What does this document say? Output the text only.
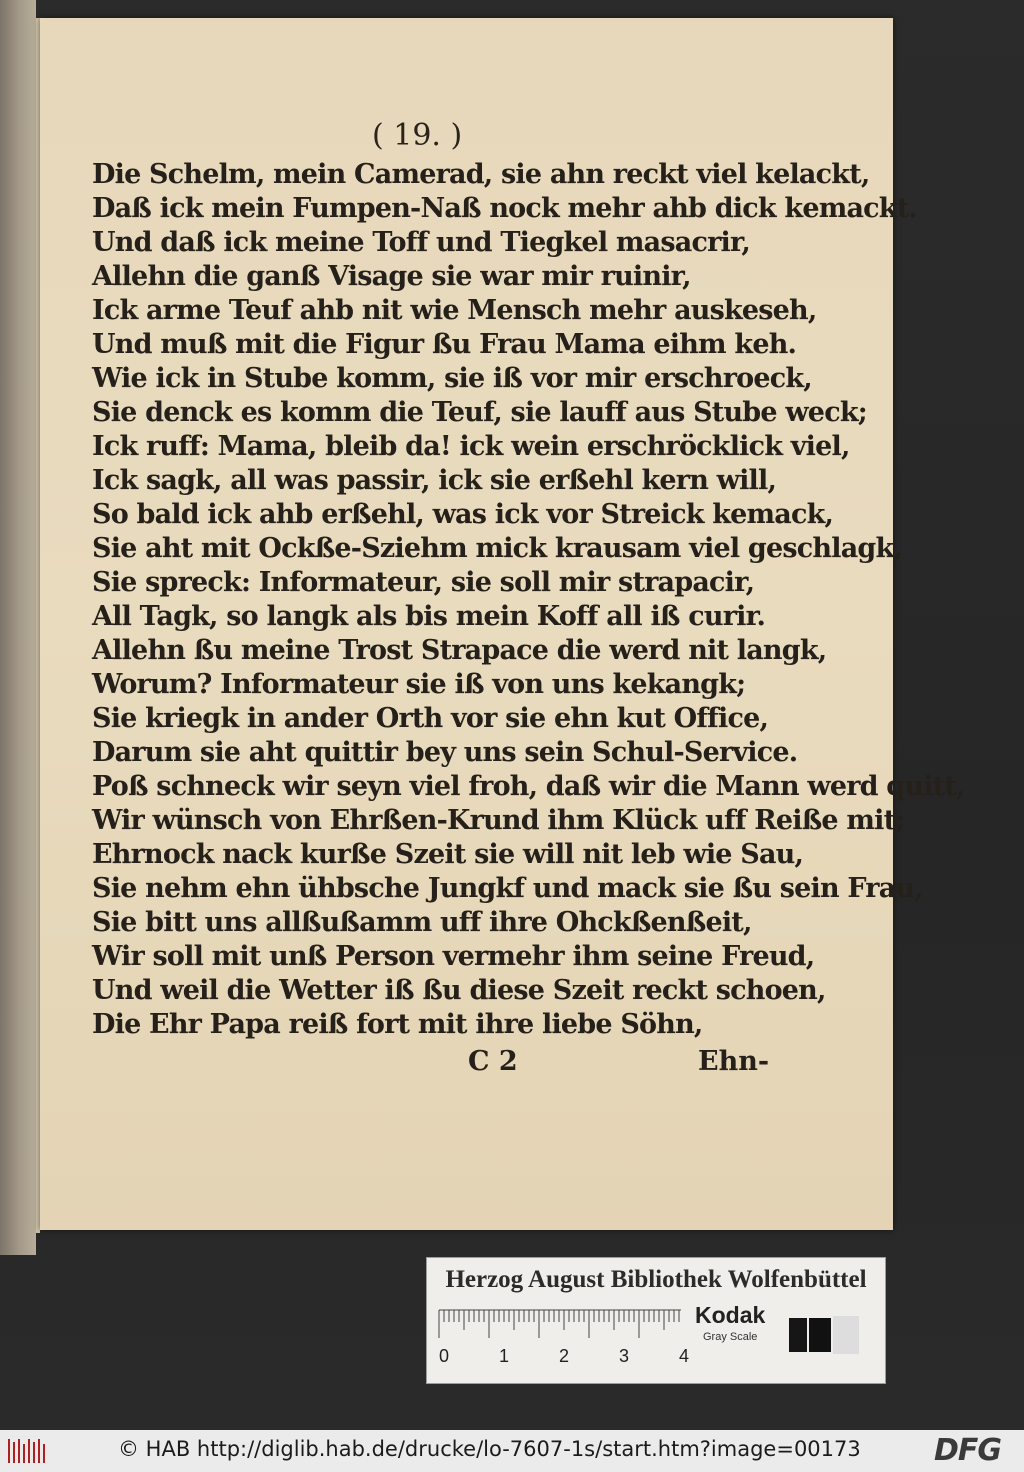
( 19. )
Die Schelm, mein Camerad, sie ahn reckt viel kelackt,
Daß ick mein Fumpen-Naß nock mehr ahb dick kemackt.
Und daß ick meine Toff und Tiegkel masacrir,
Allehn die ganß Visage sie war mir ruinir,
Ick arme Teuf ahb nit wie Mensch mehr auskeseh,
Und muß mit die Figur ßu Frau Mama eihm keh.
Wie ick in Stube komm, sie iß vor mir erschroeck,
Sie denck es komm die Teuf, sie lauff aus Stube weck;
Ick ruff: Mama, bleib da! ick wein erschröcklick viel,
Ick sagk, all was passir, ick sie erßehl kern will,
So bald ick ahb erßehl, was ick vor Streick kemack,
Sie aht mit Ockße-Sziehm mick krausam viel geschlagk,
Sie spreck: Informateur, sie soll mir strapacir,
All Tagk, so langk als bis mein Koff all iß curir.
Allehn ßu meine Trost Strapace die werd nit langk,
Worum? Informateur sie iß von uns kekangk;
Sie kriegk in ander Orth vor sie ehn kut Office,
Darum sie aht quittir bey uns sein Schul-Service.
Poß schneck wir seyn viel froh, daß wir die Mann werd quitt,
Wir wünsch von Ehrßen-Krund ihm Klück uff Reiße mit;
Ehrnock nack kurße Szeit sie will nit leb wie Sau,
Sie nehm ehn ühbsche Jungkf und mack sie ßu sein Frau,
Sie bitt uns allßußamm uff ihre Ohckßenßeit,
Wir soll mit unß Person vermehr ihm seine Freud,
Und weil die Wetter iß ßu diese Szeit reckt schoen,
Die Ehr Papa reiß fort mit ihre liebe Söhn,
C 2	Ehn-
Herzog August Bibliothek Wolfenbüttel
0	1	2	3	4
Kodak
Gray Scale
© HAB http://diglib.hab.de/drucke/lo-7607-1s/start.htm?image=00173 DFG
